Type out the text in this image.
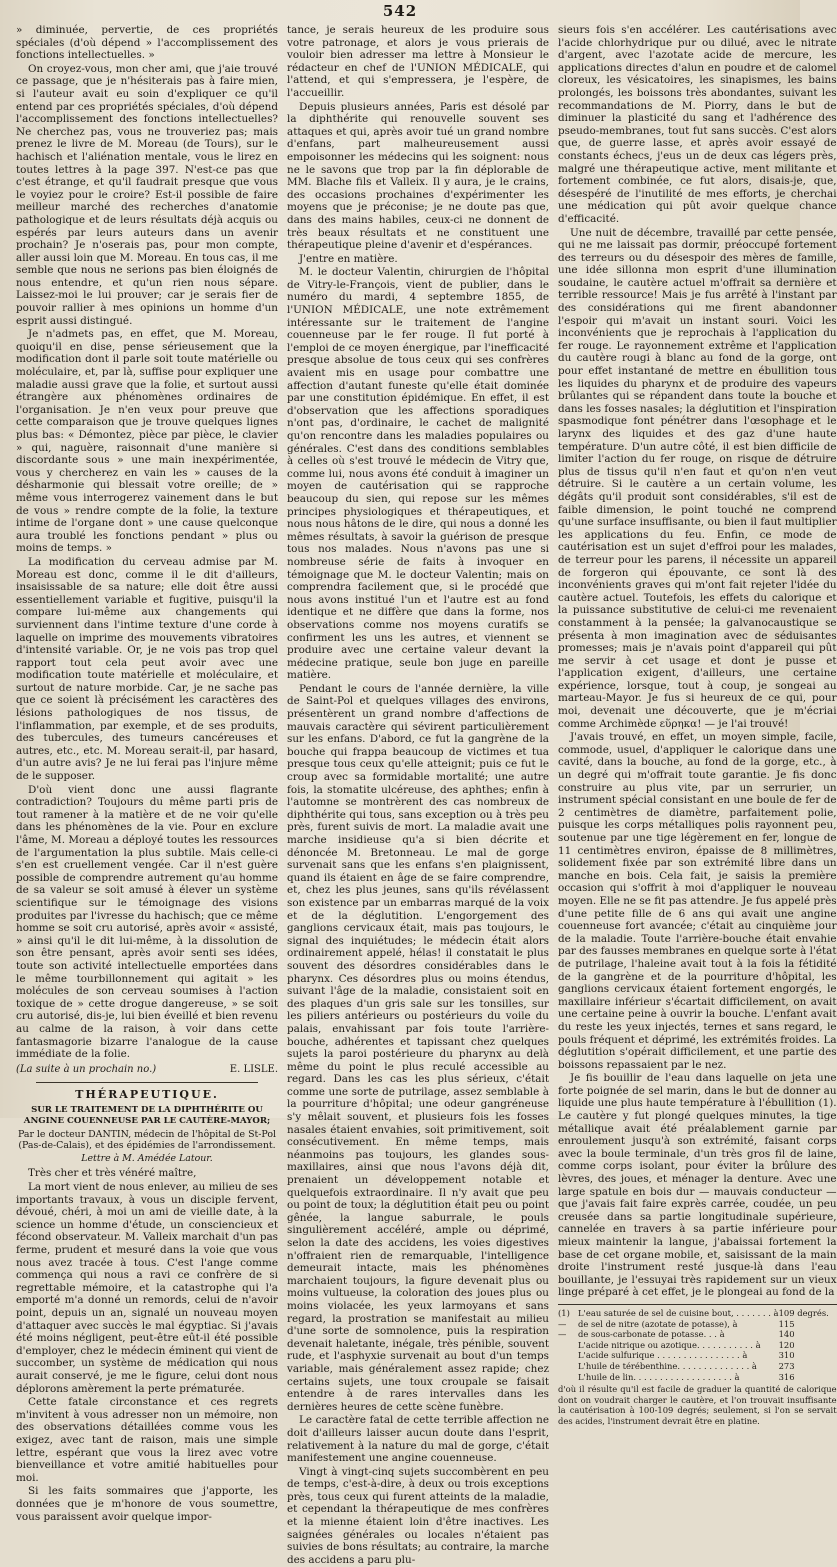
542

» diminuée, pervertie, de ces propriétés spéciales (d'où dépend » l'accomplissement des fonctions intellectuelles. »

On croyez-vous, mon cher ami, que j'aie trouvé ce passage, que je n'hésiterais pas à faire mien, si l'auteur avait eu soin d'expliquer ce qu'il entend par ces propriétés spéciales, d'où dépend l'accomplissement des fonctions intellectuelles? Ne cherchez pas, vous ne trouveriez pas; mais prenez le livre de M. Moreau (de Tours), sur le hachisch et l'aliénation mentale, vous le lirez en toutes lettres à la page 397. N'est-ce pas que c'est étrange, et qu'il faudrait presque que vous le voyiez pour le croire? Est-il possible de faire meilleur marché des recherches d'anatomie pathologique et de leurs résultats déjà acquis ou espérés par leurs auteurs dans un avenir prochain? Je n'oserais pas, pour mon compte, aller aussi loin que M. Moreau. En tous cas, il me semble que nous ne serions pas bien éloignés de nous entendre, et qu'un rien nous sépare. Laissez-moi le lui prouver; car je serais fier de pouvoir rallier à mes opinions un homme d'un esprit aussi distingué.

Je n'admets pas, en effet, que M. Moreau, quoiqu'il en dise, pense sérieusement que la modification dont il parle soit toute matérielle ou moléculaire, et, par là, suffise pour expliquer une maladie aussi grave que la folie, et surtout aussi étrangère aux phénomènes ordinaires de l'organisation. Je n'en veux pour preuve que cette comparaison que je trouve quelques lignes plus bas: « Démontez, pièce par pièce, le clavier » qui, naguère, raisonnait d'une manière si discordante sous » une main inexpérimentée, vous y chercherez en vain les » causes de la désharmonie qui blessait votre oreille; de » même vous interrogerez vainement dans le but de vous » rendre compte de la folie, la texture intime de l'organe dont » une cause quelconque aura troublé les fonctions pendant » plus ou moins de temps. »

La modification du cerveau admise par M. Moreau est donc, comme il le dit d'ailleurs, insaisissable de sa nature; elle doit être aussi essentiellement variable et fugitive, puisqu'il la compare lui-même aux changements qui surviennent dans l'intime texture d'une corde à laquelle on imprime des mouvements vibratoires d'intensité variable. Or, je ne vois pas trop quel rapport tout cela peut avoir avec une modification toute matérielle et moléculaire, et surtout de nature morbide. Car, je ne sache pas que ce soient là précisément les caractères des lésions pathologiques de nos tissus, de l'inflammation, par exemple, et de ses produits, des tubercules, des tumeurs cancéreuses et autres, etc., etc. M. Moreau serait-il, par hasard, d'un autre avis? Je ne lui ferai pas l'injure même de le supposer.

D'où vient donc une aussi flagrante contradiction? Toujours du même parti pris de tout ramener à la matière et de ne voir qu'elle dans les phénomènes de la vie. Pour en exclure l'âme, M. Moreau a déployé toutes les ressources de l'argumentation la plus subtile. Mais celle-ci s'en est cruellement vengée. Car il n'est guère possible de comprendre autrement qu'au homme de sa valeur se soit amusé à élever un système scientifique sur le témoignage des visions produites par l'ivresse du hachisch; que ce même homme se soit cru autorisé, après avoir « assisté, » ainsi qu'il le dit lui-même, à la dissolution de son être pensant, après avoir senti ses idées, toute son activité intellectuelle emportées dans le même tourbillonnement qui agitait » les molécules de son cerveau soumises à l'action toxique de » cette drogue dangereuse, » se soit cru autorisé, dis-je, lui bien éveillé et bien revenu au calme de la raison, à voir dans cette fantasmagorie bizarre l'analogue de la cause immédiate de la folie.

(La suite à un prochain no.)	E. LISLE.
THÉRAPEUTIQUE.
SUR LE TRAITEMENT DE LA DIPHTHÉRITE OU ANGINE COUENNEUSE PAR LE CAUTÈRE-MAYOR;
Par le docteur DANTIN, médecin de l'hôpital de St-Pol (Pas-de-Calais), et des épidémies de l'arrondissement.
Lettre à M. Amédée Latour.

Très cher et très vénéré maître,

La mort vient de nous enlever, au milieu de ses importants travaux, à vous un disciple fervent, dévoué, chéri, à moi un ami de vieille date, à la science un homme d'étude, un consciencieux et fécond observateur. M. Valleix marchait d'un pas ferme, prudent et mesuré dans la voie que vous nous avez tracée à tous. C'est l'ange comme commença qui nous a ravi ce confrère de si regrettable mémoire, et la catastrophe qui l'a emporté m'a donné un remords, celui de n'avoir point, depuis un an, signalé un nouveau moyen d'attaquer avec succès le mal égyptiac. Si j'avais été moins négligent, peut-être eût-il été possible d'employer, chez le médecin éminent qui vient de succomber, un système de médication qui nous aurait conservé, je me le figure, celui dont nous déplorons amèrement la perte prématurée.

Cette fatale circonstance et ces regrets m'invitent à vous adresser non un mémoire, non des observations détaillées comme vous les exigez, avec tant de raison, mais une simple lettre, espérant que vous la lirez avec votre bienveillance et votre amitié habituelles pour moi.

Si les faits sommaires que j'apporte, les données que je m'honore de vous soumettre, vous paraissent avoir quelque impor-

tance, je serais heureux de les produire sous votre patronage, et alors je vous prierais de vouloir bien adresser ma lettre à Monsieur le rédacteur en chef de l'UNION MÉDICALE, qui l'attend, et qui s'empressera, je l'espère, de l'accueillir.

Depuis plusieurs années, Paris est désolé par la diphthérite qui renouvelle souvent ses attaques et qui, après avoir tué un grand nombre d'enfans, part malheureusement aussi empoisonner les médecins qui les soignent: nous ne le savons que trop par la fin déplorable de MM. Blache fils et Valleix. Il y aura, je le crains, des occasions prochaines d'expérimenter les moyens que je préconise; je ne doute pas que, dans des mains habiles, ceux-ci ne donnent de très beaux résultats et ne constituent une thérapeutique pleine d'avenir et d'espérances.

J'entre en matière.

M. le docteur Valentin, chirurgien de l'hôpital de Vitry-le-François, vient de publier, dans le numéro du mardi, 4 septembre 1855, de l'UNION MÉDICALE, une note extrêmement intéressante sur le traitement de l'angine couenneuse par le fer rouge. Il fut porté à l'emploi de ce moyen énergique, par l'inefficacité presque absolue de tous ceux qui ses confrères avaient mis en usage pour combattre une affection d'autant funeste qu'elle était dominée par une constitution épidémique. En effet, il est d'observation que les affections sporadiques n'ont pas, d'ordinaire, le cachet de malignité qu'on rencontre dans les maladies populaires ou générales. C'est dans des conditions semblables à celles où s'est trouvé le médecin de Vitry que, comme lui, nous avons été conduit à imaginer un moyen de cautérisation qui se rapproche beaucoup du sien, qui repose sur les mêmes principes physiologiques et thérapeutiques, et nous nous hâtons de le dire, qui nous a donné les mêmes résultats, à savoir la guérison de presque tous nos malades. Nous n'avons pas une si nombreuse série de faits à invoquer en témoignage que M. le docteur Valentin; mais on comprendra facilement que, si le procédé que nous avons institué l'un et l'autre est au fond identique et ne diffère que dans la forme, nos observations comme nos moyens curatifs se confirment les uns les autres, et viennent se produire avec une certaine valeur devant la médecine pratique, seule bon juge en pareille matière.

Pendant le cours de l'année dernière, la ville de Saint-Pol et quelques villages des environs, présentèrent un grand nombre d'affections de mauvais caractère qui sévirent particulièrement sur les enfans. D'abord, ce fut la gangrène de la bouche qui frappa beaucoup de victimes et tua presque tous ceux qu'elle atteignit; puis ce fut le croup avec sa formidable mortalité; une autre fois, la stomatite ulcéreuse, des aphthes; enfin à l'automne se montrèrent des cas nombreux de diphthérite qui tous, sans exception ou à très peu près, furent suivis de mort. La maladie avait une marche insidieuse qu'a si bien décrite et dénoncée M. Bretonneau. Le mal de gorge survenait sans que les enfans s'en plaignissent, quand ils étaient en âge de se faire comprendre, et, chez les plus jeunes, sans qu'ils révélassent son existence par un embarras marqué de la voix et de la déglutition. L'engorgement des ganglions cervicaux était, mais pas toujours, le signal des inquiétudes; le médecin était alors ordinairement appelé, hélas! il constatait le plus souvent des désordres considérables dans le pharynx. Ces désordres plus ou moins étendus, suivant l'âge de la maladie, consistaient soit en des plaques d'un gris sale sur les tonsilles, sur les piliers antérieurs ou postérieurs du voile du palais, envahissant par fois toute l'arrière-bouche, adhérentes et tapissant chez quelques sujets la paroi postérieure du pharynx au delà même du point le plus reculé accessible au regard. Dans les cas les plus sérieux, c'était comme une sorte de putrilage, assez semblable à la pourriture d'hôpital; une odeur gangréneuse s'y mêlait souvent, et plusieurs fois les fosses nasales étaient envahies, soit primitivement, soit consécutivement. En même temps, mais néanmoins pas toujours, les glandes sous-maxillaires, ainsi que nous l'avons déjà dit, prenaient un développement notable et quelquefois extraordinaire. Il n'y avait que peu ou point de toux; la déglutition était peu ou point gênée, la langue saburrale, le pouls singulièrement accéléré, ample ou déprimé, selon la date des accidens, les voies digestives n'offraient rien de remarquable, l'intelligence demeurait intacte, mais les phénomènes marchaient toujours, la figure devenait plus ou moins vultueuse, la coloration des joues plus ou moins violacée, les yeux larmoyans et sans regard, la prostration se manifestait au milieu d'une sorte de somnolence, puis la respiration devenait haletante, inégale, très pénible, souvent rude, et l'asphyxie survenait au bout d'un temps variable, mais généralement assez rapide; chez certains sujets, une toux croupale se faisait entendre à de rares intervalles dans les dernières heures de cette scène funèbre.

Le caractère fatal de cette terrible affection ne doit d'ailleurs laisser aucun doute dans l'esprit, relativement à la nature du mal de gorge, c'était manifestement une angine couenneuse.

Vingt à vingt-cinq sujets succombèrent en peu de temps, c'est-à-dire, à deux ou trois exceptions près, tous ceux qui furent atteints de la maladie, et cependant la thérapeutique de mes confrères et la mienne étaient loin d'être inactives. Les saignées générales ou locales n'étaient pas suivies de bons résultats; au contraire, la marche des accidens a paru plu-

sieurs fois s'en accélérer. Les cautérisations avec l'acide chlorhydrique pur ou dilué, avec le nitrate d'argent, avec l'azotate acide de mercure, les applications directes d'alun en poudre et de calomel cloreux, les vésicatoires, les sinapismes, les bains prolongés, les boissons très abondantes, suivant les recommandations de M. Piorry, dans le but de diminuer la plasticité du sang et l'adhérence des pseudo-membranes, tout fut sans succès. C'est alors que, de guerre lasse, et après avoir essayé de constants échecs, j'eus un de deux cas légers près, malgré une thérapeutique active, ment militante et fortement combinée, ce fut alors, disais-je, que, désespéré de l'inutilité de mes efforts, je cherchai une médication qui pût avoir quelque chance d'efficacité.

Une nuit de décembre, travaillé par cette pensée, qui ne me laissait pas dormir, préoccupé fortement des terreurs ou du désespoir des mères de famille, une idée sillonna mon esprit d'une illumination soudaine, le cautère actuel m'offrait sa dernière et terrible ressource! Mais je fus arrêté à l'instant par des considérations qui me firent abandonner l'espoir qui m'avait un instant souri. Voici les inconvénients que je reprochais à l'application du fer rouge. Le rayonnement extrême et l'application du cautère rougi à blanc au fond de la gorge, ont pour effet instantané de mettre en ébullition tous les liquides du pharynx et de produire des vapeurs brûlantes qui se répandent dans toute la bouche et dans les fosses nasales; la déglutition et l'inspiration spasmodique font pénétrer dans l'œsophage et le larynx des liquides et des gaz d'une haute température. D'un autre côté, il est bien difficile de limiter l'action du fer rouge, on risque de détruire plus de tissus qu'il n'en faut et qu'on n'en veut détruire. Si le cautère a un certain volume, les dégâts qu'il produit sont considérables, s'il est de faible dimension, le point touché ne comprend qu'une surface insuffisante, ou bien il faut multiplier les applications du feu. Enfin, ce mode de cautérisation est un sujet d'effroi pour les malades, de terreur pour les parens, il nécessite un appareil de forgeron qui épouvante, ce sont là des inconvénients graves qui m'ont fait rejeter l'idée du cautère actuel. Toutefois, les effets du calorique et la puissance substitutive de celui-ci me revenaient constamment à la pensée; la galvanocaustique se présenta à mon imagination avec de séduisantes promesses; mais je n'avais point d'appareil qui pût me servir à cet usage et dont je pusse et l'application exigent, d'ailleurs, une certaine expérience, lorsque, tout à coup, je songeai au marteau-Mayor. Je fus si heureux de ce qui, pour moi, devenait une découverte, que je m'écriai comme Archimède εὕρηκα! — je l'ai trouvé!

J'avais trouvé, en effet, un moyen simple, facile, commode, usuel, d'appliquer le calorique dans une cavité, dans la bouche, au fond de la gorge, etc., à un degré qui m'offrait toute garantie. Je fis donc construire au plus vite, par un serrurier, un instrument spécial consistant en une boule de fer de 2 centimètres de diamètre, parfaitement polie, puisque les corps métalliques polis rayonnent peu, soutenue par une tige légèrement en fer, longue de 11 centimètres environ, épaisse de 8 millimètres, solidement fixée par son extrémité libre dans un manche en bois. Cela fait, je saisis la première occasion qui s'offrit à moi d'appliquer le nouveau moyen. Elle ne se fit pas attendre. Je fus appelé près d'une petite fille de 6 ans qui avait une angine couenneuse fort avancée; c'était au cinquième jour de la maladie. Toute l'arrière-bouche était envahie par des fausses membranes en quelque sorte à l'état de putrilage, l'haleine avait tout à la fois la fétidité de la gangrène et de la pourriture d'hôpital, les ganglions cervicaux étaient fortement engorgés, le maxillaire inférieur s'écartait difficilement, on avait une certaine peine à ouvrir la bouche. L'enfant avait du reste les yeux injectés, ternes et sans regard, le pouls fréquent et déprimé, les extrémités froides. La déglutition s'opérait difficilement, et une partie des boissons repassaient par le nez.

Je fis bouillir de l'eau dans laquelle on jeta une forte poignée de sel marin, dans le but de donner au liquide une plus haute température à l'ébullition (1). Le cautère y fut plongé quelques minutes, la tige métallique avait été préalablement garnie par enroulement jusqu'à son extrémité, faisant corps avec la boule terminale, d'un très gros fil de laine, comme corps isolant, pour éviter la brûlure des lèvres, des joues, et ménager la denture. Avec une large spatule en bois dur — mauvais conducteur — que j'avais fait faire exprès carrée, coudée, un peu creusée dans sa partie longitudinale supérieure, cannelée en travers à sa partie inférieure pour mieux maintenir la langue, j'abaissai fortement la base de cet organe mobile, et, saisissant de la main droite l'instrument resté jusque-là dans l'eau bouillante, je l'essuyai très rapidement sur un vieux linge préparé à cet effet, je le plongeai au fond de la

(1) L'eau saturée de sel de cuisine bout, . . . . . . . à 109 degrés.
—	de sel de nitre (azotate de potasse), à	115
—	de sous-carbonate de potasse. . . à	140
L'acide nitrique ou azotique. . . . . . . . . . . à	120
L'acide sulfurique . . . . . . . . . . . . . . . . à	310
L'huile de térébenthine. . . . . . . . . . . . . . à	273
L'huile de lin. . . . . . . . . . . . . . . . . . . à	316
d'où il résulte qu'il est facile de graduer la quantité de calorique dont on voudrait charger le cautère, et l'on trouvait insuffisante la cautérisation à 100-109 degrés; seulement, si l'on se servait des acides, l'instrument devrait être en platine.
